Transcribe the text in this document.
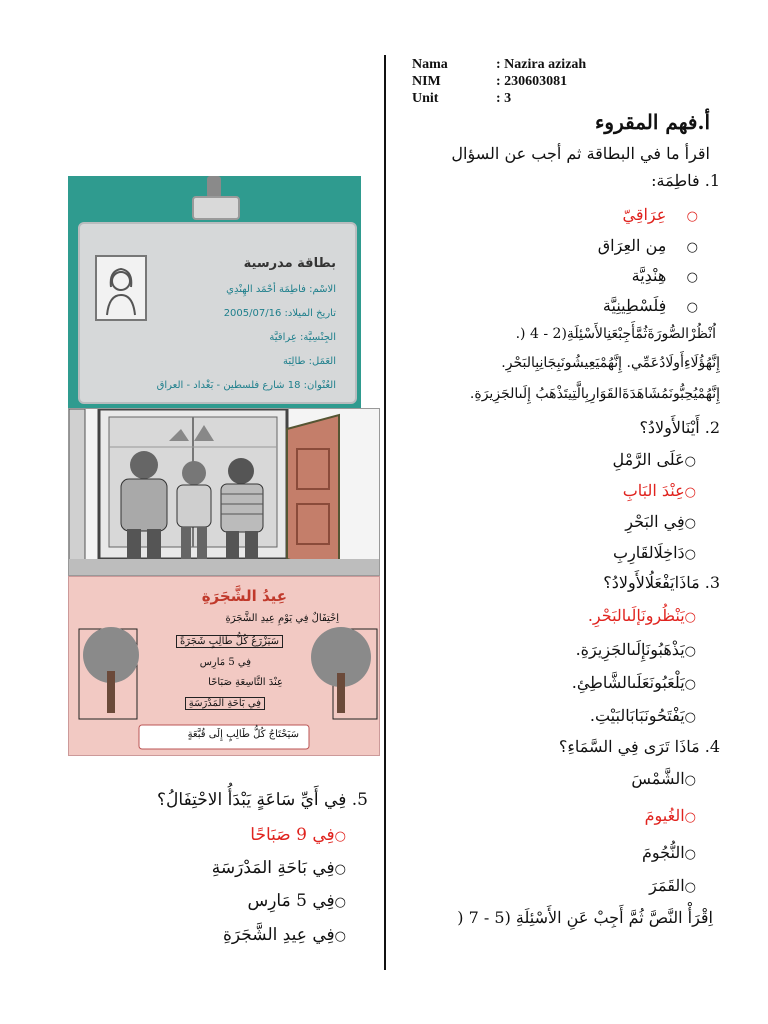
Nama	: Nazira azizah
NIM	: 230603081
Unit	: 3
أ.فهم المقروء
اقرأ ما في البطاقة ثم أجب عن السؤال
1. فاطِمَة:
○    عِرَاقِيّ
○    مِن العِرَاق
○    هِنْدِيَّة
○    فِلَسْطِينِيَّة
اُنْظُرْالصُّورَةَثُمَّأَجِبْعَنِالأَسْئِلَةِ(2 - 4 (.
إِنَّهُؤُلَاءِأَولَادُعَمِّي. إِنَّهُمْيَعِيشُونَبِجَانِبِالبَحْرِ.
إِنَّهُمْيُحِبُّونَمُشَاهَدَةَالقَوَارِبِالَّتِيتَذْهَبُ إِلَىالجَزِيرَةِ.
2. أَيْنَالأَولادُ؟
○عَلَى الرَّمْلِ
○عِنْدَ البَابِ
○فِي البَحْرِ
○دَاخِلَالقَارِبِ
3. مَاذَايَفْعَلُالأَولادُ؟
○يَنْظُرونَإلَىالبَحْرِ.
○يَذْهَبُونَإِلَىالجَزِيرَةِ.
○يَلْعَبُونَعَلَىالشَّاطِئِ.
○يَفْتَحُونَبَابَالبَيْتِ.
4. مَاذَا تَرَى فِي السَّمَاءِ؟
○الشَّمْسَ
○الغُيومَ
○النُّجُومَ
○القَمَرَ
اِقْرَأْ النَّصَّ ثُمَّ أَجِبْ عَنِ الأَسْئِلَةِ (5 - 7 (
بطاقة مدرسية
الاسْم: فاطِمَة أحْمَد الهِنْدِي
تاريخ الميلاد: 2005/07/16
الجِنْسِيَّة: عِراقيَّة
العَمَل: طالِبَة
العُنْوان: 18 شارع فلسطين - بَغْداد - العراق
عِيدُ الشَّجَرَةِ
اِحْتِفَالٌ فِي يَوْمِ عِيدِ الشَّجَرَةِ
سَيَزْرَعُ كُلُّ طَالِبٍ شَجَرَةً
فِي 5 مَارِس
عِنْدَ التَّاسِعَةِ صَبَاحًا
فِي بَاحَةِ المَدْرَسَةِ
سَيَحْتَاجُ كُلُّ طَالِبٍ إِلَى قُبَّعَةٍ
5. فِي أَيِّ سَاعَةٍ يَبْدَأُ الاحْتِفَالُ؟
○فِي 9 صَبَاحًا
○فِي بَاحَةِ المَدْرَسَةِ
○فِي 5 مَارِس
○فِي عِيدِ الشَّجَرَةِ
